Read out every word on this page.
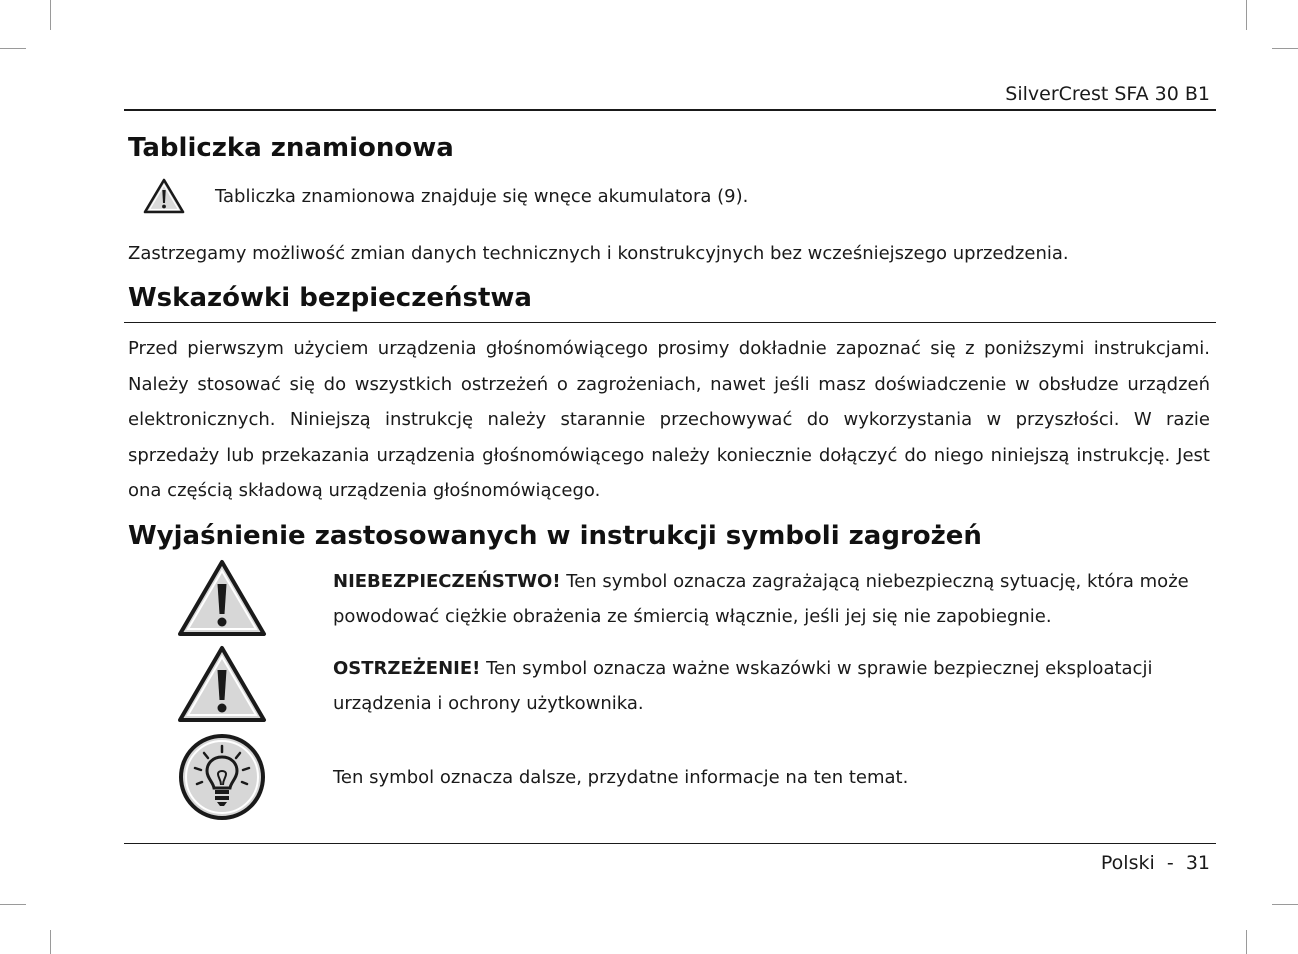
SilverCrest SFA 30 B1
Tabliczka znamionowa

Tabliczka znamionowa znajduje się wnęce akumulatora (9).

Zastrzegamy możliwość zmian danych technicznych i konstrukcyjnych bez wcześniejszego uprzedzenia.

Wskazówki bezpieczeństwa

Przed pierwszym użyciem urządzenia głośnomówiącego prosimy dokładnie zapoznać się z poniższymi instrukcjami. Należy stosować się do wszystkich ostrzeżeń o zagrożeniach, nawet jeśli masz doświadczenie w obsłudze urządzeń elektronicznych. Niniejszą instrukcję należy starannie przechowywać do wykorzystania w przyszłości. W razie sprzedaży lub przekazania urządzenia głośnomówiącego należy koniecznie dołączyć do niego niniejszą instrukcję. Jest ona częścią składową urządzenia głośnomówiącego.

Wyjaśnienie zastosowanych w instrukcji symboli zagrożeń

NIEBEZPIECZEŃSTWO! Ten symbol oznacza zagrażającą niebezpieczną sytuację, która może powodować ciężkie obrażenia ze śmiercią włącznie, jeśli jej się nie zapobiegnie.

OSTRZEŻENIE! Ten symbol oznacza ważne wskazówki w sprawie bezpiecznej eksploatacji urządzenia i ochrony użytkownika.

Ten symbol oznacza dalsze, przydatne informacje na ten temat.

Polski - 31
